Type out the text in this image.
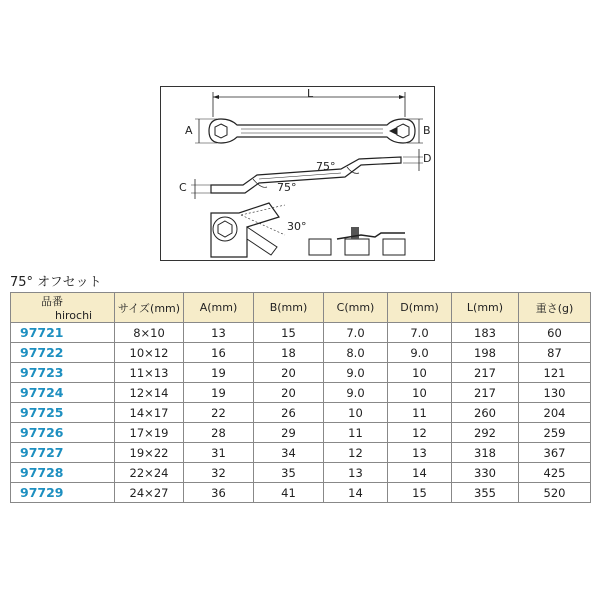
L
A	B
C
D
75°
75°
30°
75° オフセット
品番hirochi	サイズ(mm)	A(mm)	B(mm)	C(mm)	D(mm)	L(mm)	重さ(g)
97721	8×10	13	15	7.0	7.0	183	60
97722	10×12	16	18	8.0	9.0	198	87
97723	11×13	19	20	9.0	10	217	121
97724	12×14	19	20	9.0	10	217	130
97725	14×17	22	26	10	11	260	204
97726	17×19	28	29	11	12	292	259
97727	19×22	31	34	12	13	318	367
97728	22×24	32	35	13	14	330	425
97729	24×27	36	41	14	15	355	520
